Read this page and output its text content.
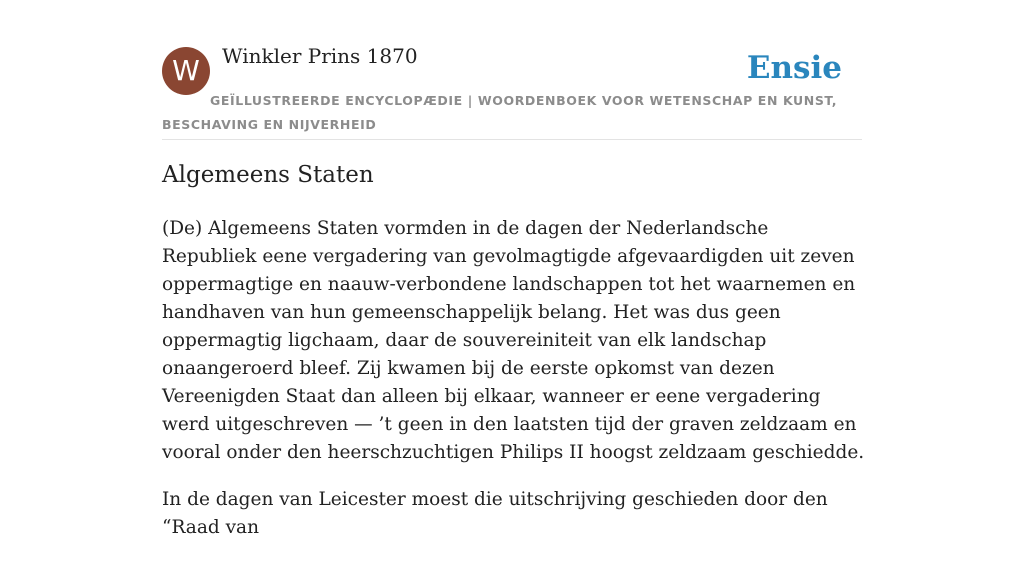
W	Winkler Prins 1870	Ensie
GEÏLLUSTREERDE ENCYCLOPÆDIE | WOORDENBOEK VOOR WETENSCHAP EN KUNST, BESCHAVING EN NIJVERHEID
Algemeens Staten

(De) Algemeens Staten vormden in de dagen der Nederlandsche Republiek eene vergadering van gevolmagtigde afgevaardigden uit zeven oppermagtige en naauw-verbondene landschappen tot het waarnemen en handhaven van hun gemeenschappelijk belang. Het was dus geen oppermagtig ligchaam, daar de souvereiniteit van elk landschap onaangeroerd bleef. Zij kwamen bij de eerste opkomst van dezen Vereenigden Staat dan alleen bij elkaar, wanneer er eene vergadering werd uitgeschreven — ’t geen in den laatsten tijd der graven zeldzaam en vooral onder den heerschzuchtigen Philips II hoogst zeldzaam geschiedde.

In de dagen van Leicester moest die uitschrijving geschieden door den “Raad van
